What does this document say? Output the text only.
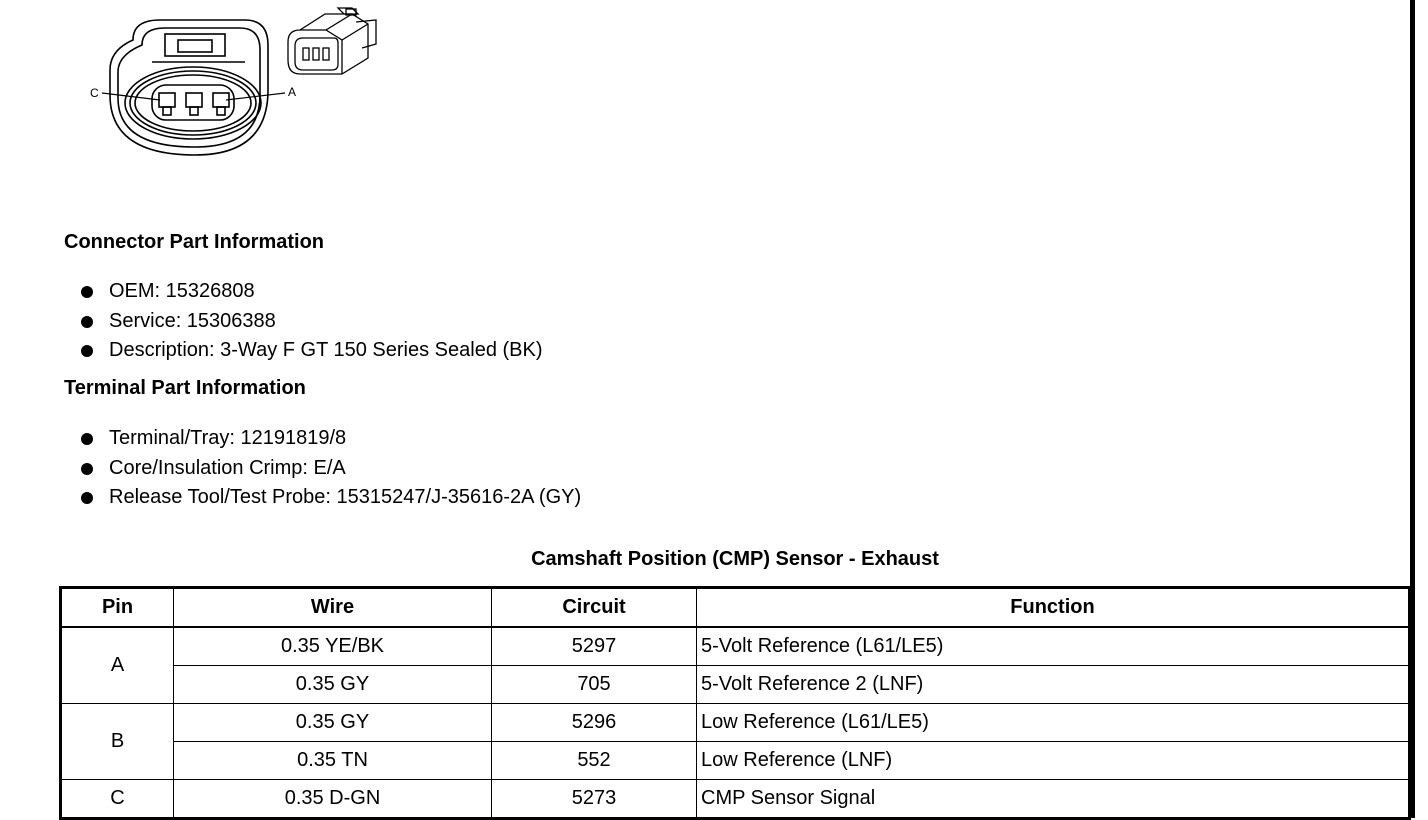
C	A
Connector Part Information
OEM: 15326808
Service: 15306388
Description: 3-Way F GT 150 Series Sealed (BK)
Terminal Part Information
Terminal/Tray: 12191819/8
Core/Insulation Crimp: E/A
Release Tool/Test Probe: 15315247/J-35616-2A (GY)
Camshaft Position (CMP) Sensor - Exhaust
Pin	Wire	Circuit	Function
A	0.35 YE/BK	5297	5-Volt Reference (L61/LE5)
	0.35 GY	705	5-Volt Reference 2 (LNF)
B	0.35 GY	5296	Low Reference (L61/LE5)
	0.35 TN	552	Low Reference (LNF)
C	0.35 D-GN	5273	CMP Sensor Signal
